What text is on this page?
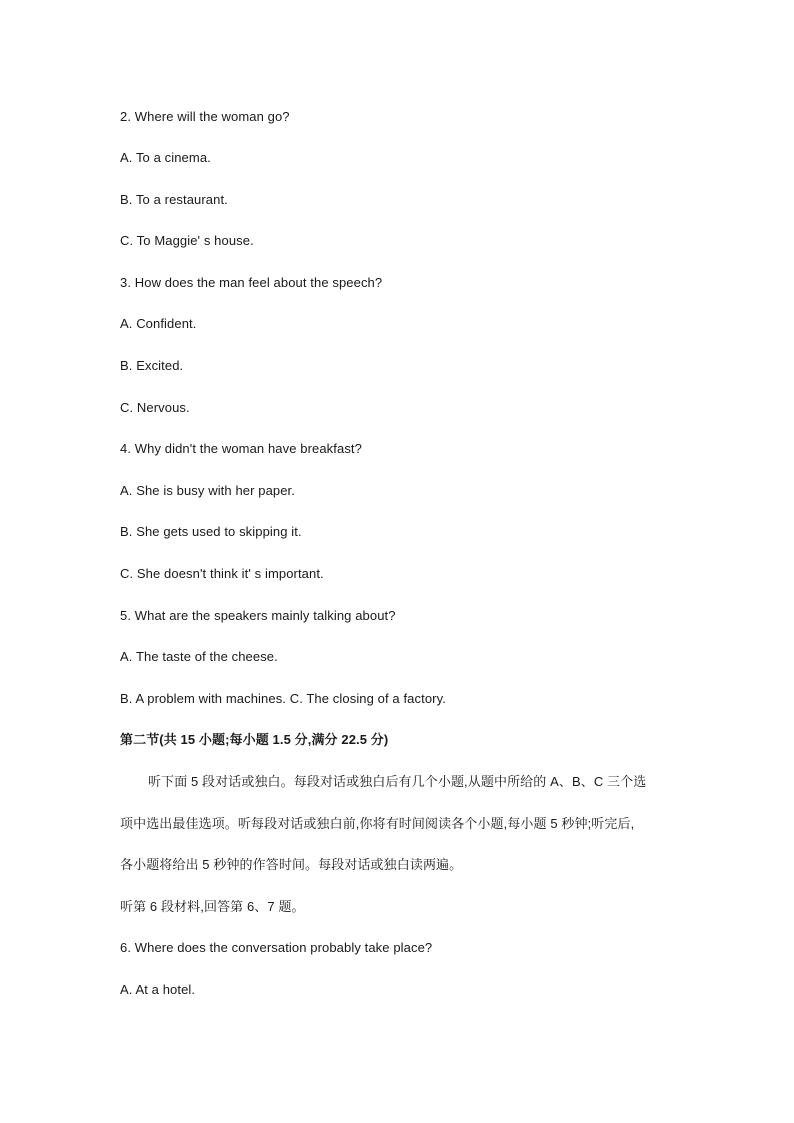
2. Where will the woman go?
A. To a cinema.
B. To a restaurant.
C. To Maggie' s house.
3. How does the man feel about the speech?
A. Confident.
B. Excited.
C. Nervous.
4. Why didn't the woman have breakfast?
A. She is busy with her paper.
B. She gets used to skipping it.
C. She doesn't think it' s important.
5. What are the speakers mainly talking about?
A. The taste of the cheese.
B. A problem with machines. C. The closing of a factory.
第二节(共 15 小题;每小题 1.5 分,满分 22.5 分)
听下面 5 段对话或独白。每段对话或独白后有几个小题,从题中所给的 A、B、C 三个选
项中选出最佳选项。听每段对话或独白前,你将有时间阅读各个小题,每小题 5 秒钟;听完后,
各小题将给出 5 秒钟的作答时间。每段对话或独白读两遍。
听第 6 段材料,回答第 6、7 题。
6. Where does the conversation probably take place?
A. At a hotel.
